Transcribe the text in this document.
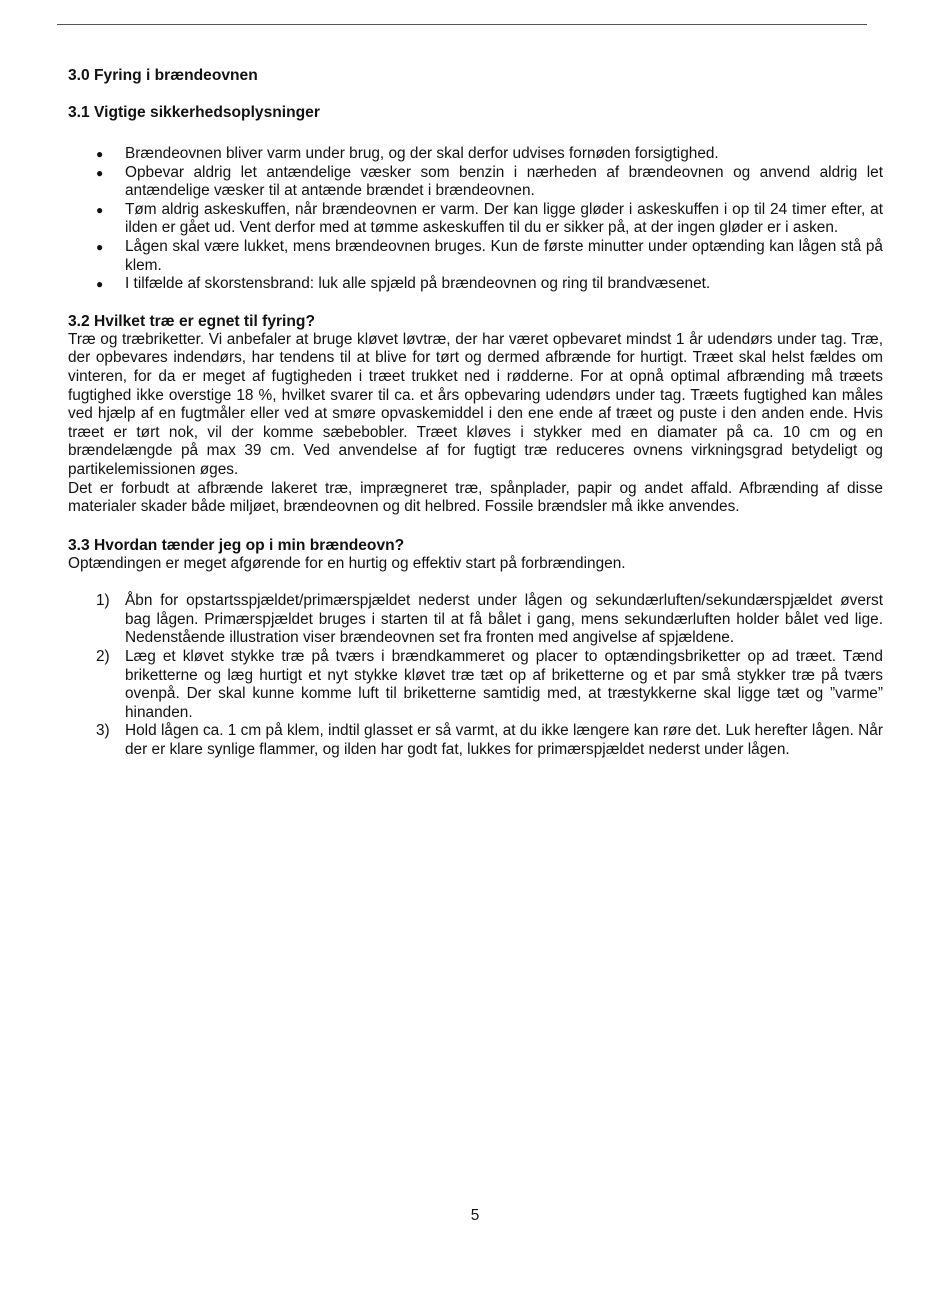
3.0 Fyring i brændeovnen
3.1 Vigtige sikkerhedsoplysninger
● Brændeovnen bliver varm under brug, og der skal derfor udvises fornøden forsigtighed.
● Opbevar aldrig let antændelige væsker som benzin i nærheden af brændeovnen og anvend aldrig let antændelige væsker til at antænde brændet i brændeovnen.
● Tøm aldrig askeskuffen, når brændeovnen er varm. Der kan ligge gløder i askeskuffen i op til 24 timer efter, at ilden er gået ud. Vent derfor med at tømme askeskuffen til du er sikker på, at der ingen gløder er i asken.
● Lågen skal være lukket, mens brændeovnen bruges. Kun de første minutter under optænding kan lågen stå på klem.
● I tilfælde af skorstensbrand: luk alle spjæld på brændeovnen og ring til brandvæsenet.
3.2 Hvilket træ er egnet til fyring?

Træ og træbriketter. Vi anbefaler at bruge kløvet løvtræ, der har været opbevaret mindst 1 år udendørs under tag. Træ, der opbevares indendørs, har tendens til at blive for tørt og dermed afbrænde for hurtigt. Træet skal helst fældes om vinteren, for da er meget af fugtigheden i træet trukket ned i rødderne. For at opnå optimal afbrænding må træets fugtighed ikke overstige 18 %, hvilket svarer til ca. et års opbevaring udendørs under tag. Træets fugtighed kan måles ved hjælp af en fugtmåler eller ved at smøre opvaskemiddel i den ene ende af træet og puste i den anden ende. Hvis træet er tørt nok, vil der komme sæbebobler. Træet kløves i stykker med en diamater på ca. 10 cm og en brændelængde på max 39 cm. Ved anvendelse af for fugtigt træ reduceres ovnens virkningsgrad betydeligt og partikelemissionen øges.

Det er forbudt at afbrænde lakeret træ, imprægneret træ, spånplader, papir og andet affald. Afbrænding af disse materialer skader både miljøet, brændeovnen og dit helbred. Fossile brændsler må ikke anvendes.

3.3 Hvordan tænder jeg op i min brændeovn?

Optændingen er meget afgørende for en hurtig og effektiv start på forbrændingen.

1) Åbn for opstartsspjældet/primærspjældet nederst under lågen og sekundærluften/sekundærspjældet øverst bag lågen. Primærspjældet bruges i starten til at få bålet i gang, mens sekundærluften holder bålet ved lige. Nedenstående illustration viser brændeovnen set fra fronten med angivelse af spjældene.
2) Læg et kløvet stykke træ på tværs i brændkammeret og placer to optændingsbriketter op ad træet. Tænd briketterne og læg hurtigt et nyt stykke kløvet træ tæt op af briketterne og et par små stykker træ på tværs ovenpå. Der skal kunne komme luft til briketterne samtidig med, at træstykkerne skal ligge tæt og ”varme” hinanden.
3) Hold lågen ca. 1 cm på klem, indtil glasset er så varmt, at du ikke længere kan røre det. Luk herefter lågen. Når der er klare synlige flammer, og ilden har godt fat, lukkes for primærspjældet nederst under lågen.
5
